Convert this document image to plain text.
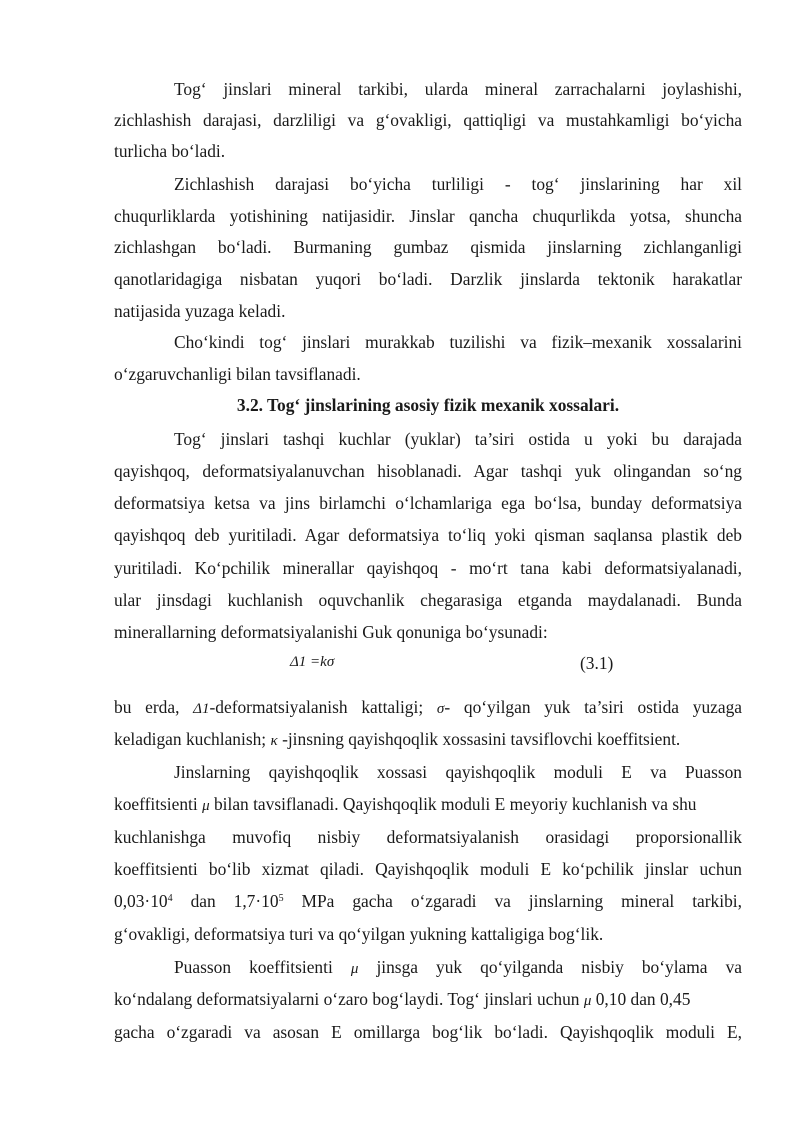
Tog‘ jinslari mineral tarkibi, ularda mineral zarrachalarni joylashishi,
zichlashish darajasi, darzliligi va g‘ovakligi, qattiqligi va mustahkamligi bo‘yicha
turlicha bo‘ladi.
Zichlashish darajasi bo‘yicha turliligi - tog‘ jinslarining har xil
chuqurliklarda yotishining natijasidir. Jinslar qancha chuqurlikda yotsa, shuncha
zichlashgan bo‘ladi. Burmaning gumbaz qismida jinslarning zichlanganligi
qanotlaridagiga nisbatan yuqori bo‘ladi. Darzlik jinslarda tektonik harakatlar
natijasida yuzaga keladi.
Cho‘kindi tog‘ jinslari murakkab tuzilishi va fizik–mexanik xossalarini
o‘zgaruvchanligi bilan tavsiflanadi.
3.2. Tog‘ jinslarining asosiy fizik mexanik xossalari.
Tog‘ jinslari tashqi kuchlar (yuklar) ta’siri ostida u yoki bu darajada
qayishqoq, deformatsiyalanuvchan hisoblanadi. Agar tashqi yuk olingandan so‘ng
deformatsiya ketsa va jins birlamchi o‘lchamlariga ega bo‘lsa, bunday deformatsiya
qayishqoq deb yuritiladi. Agar deformatsiya to‘liq yoki qisman saqlansa plastik deb
yuritiladi. Ko‘pchilik minerallar qayishqoq - mo‘rt tana kabi deformatsiyalanadi,
ular jinsdagi kuchlanish oquvchanlik chegarasiga etganda maydalanadi. Bunda
minerallarning deformatsiyalanishi Guk qonuniga bo‘ysunadi:
Δ1 =kσ	(3.1)
bu erda, Δ1-deformatsiyalanish kattaligi; σ- qo‘yilgan yuk ta’siri ostida yuzaga
keladigan kuchlanish; κ -jinsning qayishqoqlik xossasini tavsiflovchi koeffitsient.
Jinslarning qayishqoqlik xossasi qayishqoqlik moduli E va Puasson
koeffitsienti μ bilan tavsiflanadi. Qayishqoqlik moduli E meyoriy kuchlanish va shu
kuchlanishga muvofiq nisbiy deformatsiyalanish orasidagi proporsionallik
koeffitsienti bo‘lib xizmat qiladi. Qayishqoqlik moduli E ko‘pchilik jinslar uchun
$0,03\cdot 10^4$ dan $1,7\cdot 10^5$ MPa gacha o‘zgaradi va jinslarning mineral tarkibi,
g‘ovakligi, deformatsiya turi va qo‘yilgan yukning kattaligiga bog‘lik.
Puasson koeffitsienti μ jinsga yuk qo‘yilganda nisbiy bo‘ylama va
ko‘ndalang deformatsiyalarni o‘zaro bog‘laydi. Tog‘ jinslari uchun μ 0,10 dan 0,45
gacha o‘zgaradi va asosan E omillarga bog‘lik bo‘ladi. Qayishqoqlik moduli E,
